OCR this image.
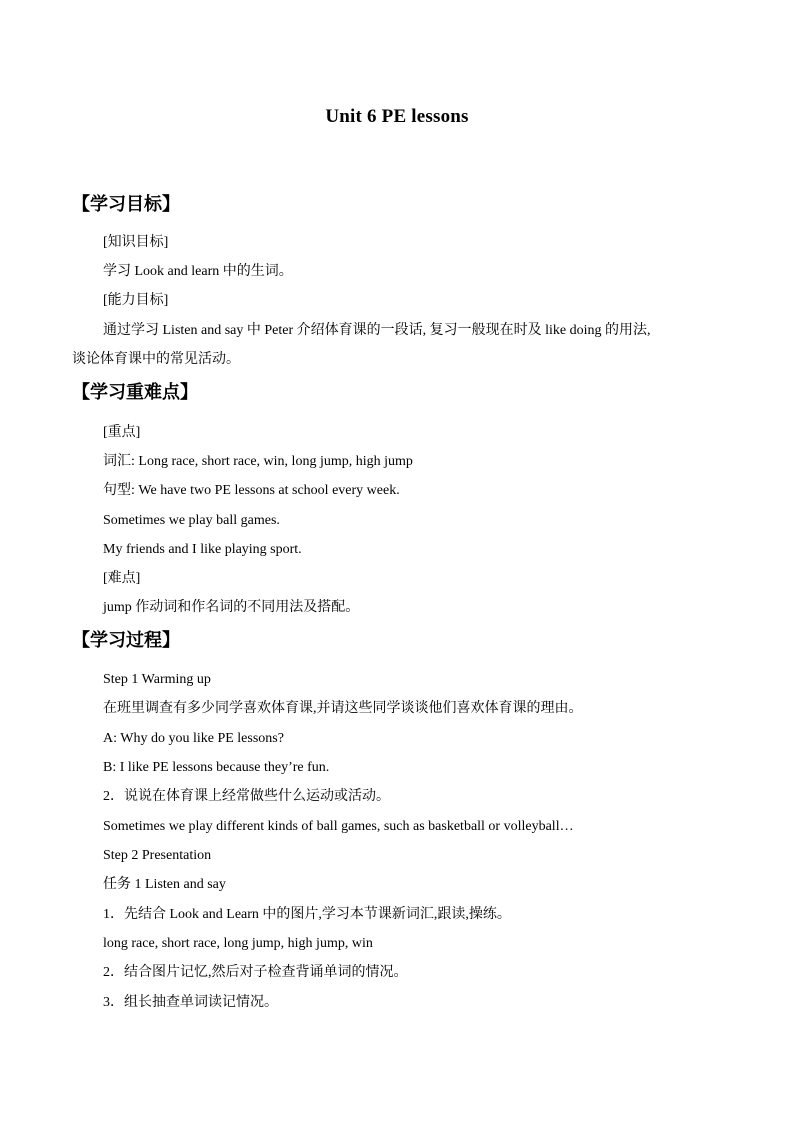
Unit 6 PE lessons
【学习目标】
[知识目标]
学习 Look and learn 中的生词。
[能力目标]
通过学习 Listen and say 中 Peter 介绍体育课的一段话, 复习一般现在时及 like doing 的用法,
谈论体育课中的常见活动。
【学习重难点】
[重点]
词汇: Long race, short race, win, long jump, high jump
句型: We have two PE lessons at school every week.
Sometimes we play ball games.
My friends and I like playing sport.
[难点]
jump 作动词和作名词的不同用法及搭配。
【学习过程】
Step 1 Warming up
在班里调查有多少同学喜欢体育课,并请这些同学谈谈他们喜欢体育课的理由。
A: Why do you like PE lessons?
B: I like PE lessons because they’re fun.
2．说说在体育课上经常做些什么运动或活动。
Sometimes we play different kinds of ball games, such as basketball or volleyball…
Step 2 Presentation
任务 1 Listen and say
1．先结合 Look and Learn 中的图片,学习本节课新词汇,跟读,操练。
long race, short race, long jump, high jump, win
2．结合图片记忆,然后对子检查背诵单词的情况。
3．组长抽查单词读记情况。
